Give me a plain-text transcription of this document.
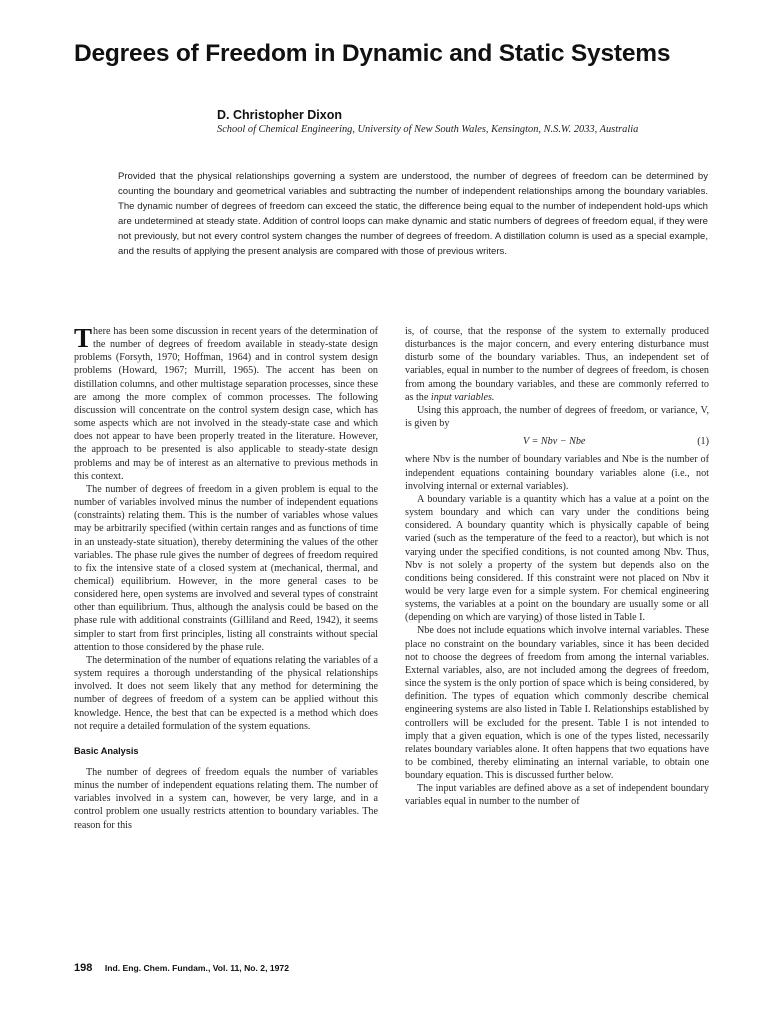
Degrees of Freedom in Dynamic and Static Systems
D. Christopher Dixon
School of Chemical Engineering, University of New South Wales, Kensington, N.S.W. 2033, Australia
Provided that the physical relationships governing a system are understood, the number of degrees of freedom can be determined by counting the boundary and geometrical variables and subtracting the number of independent relationships among the boundary variables. The dynamic number of degrees of freedom can exceed the static, the difference being equal to the number of independent hold-ups which are undetermined at steady state. Addition of control loops can make dynamic and static numbers of degrees of freedom equal, if they were not previously, but not every control system changes the number of degrees of freedom. A distillation column is used as a special example, and the results of applying the present analysis are compared with those of previous writers.

There has been some discussion in recent years of the determination of the number of degrees of freedom available in steady-state design problems (Forsyth, 1970; Hoffman, 1964) and in control system design problems (Howard, 1967; Murrill, 1965). The accent has been on distillation columns, and other multistage separation processes, since these are among the more complex of common processes. The following discussion will concentrate on the control system design case, which has some aspects which are not involved in the steady-state case and which does not appear to have been properly treated in the literature. However, the approach to be presented is also applicable to steady-state design problems and may be of interest as an alternative to previous methods in this context.

The number of degrees of freedom in a given problem is equal to the number of variables involved minus the number of independent equations (constraints) relating them. This is the number of variables whose values may be arbitrarily specified (within certain ranges and as functions of time in an unsteady-state situation), thereby determining the values of the other variables. The phase rule gives the number of degrees of freedom required to fix the intensive state of a closed system at (mechanical, thermal, and chemical) equilibrium. However, in the more general cases to be considered here, open systems are involved and several types of constraint other than equilibrium. Thus, although the analysis could be based on the phase rule with additional constraints (Gilliland and Reed, 1942), it seems simpler to start from first principles, listing all constraints without special attention to those considered by the phase rule.

The determination of the number of equations relating the variables of a system requires a thorough understanding of the physical relationships involved. It does not seem likely that any method for determining the number of degrees of freedom of a system can be applied without this knowledge. Hence, the best that can be expected is a method which does not require a detailed formulation of the system equations.

Basic Analysis

The number of degrees of freedom equals the number of variables minus the number of independent equations relating them. The number of variables involved in a system can, however, be very large, and in a control problem one usually restricts attention to boundary variables. The reason for this

is, of course, that the response of the system to externally produced disturbances is the major concern, and every entering disturbance must disturb some of the boundary variables. Thus, an independent set of variables, equal in number to the number of degrees of freedom, is chosen from among the boundary variables, and these are commonly referred to as the input variables.

Using this approach, the number of degrees of freedom, or variance, V, is given by

V = Nbv − Nbe	(1)

where Nbv is the number of boundary variables and Nbe is the number of independent equations containing boundary variables alone (i.e., not involving internal or external variables).

A boundary variable is a quantity which has a value at a point on the system boundary and which can vary under the conditions being considered. A boundary quantity which is physically capable of being varied (such as the temperature of the feed to a reactor), but which is not varying under the specified conditions, is not counted among Nbv. Thus, Nbv is not solely a property of the system but depends also on the conditions being considered. If this constraint were not placed on Nbv it would be very large even for a simple system. For chemical engineering systems, the variables at a point on the boundary are usually some or all (depending on which are varying) of those listed in Table I.

Nbe does not include equations which involve internal variables. These place no constraint on the boundary variables, since it has been decided not to choose the degrees of freedom from among the internal variables. External variables, also, are not included among the degrees of freedom, since the system is the only portion of space which is being considered, by definition. The types of equation which commonly describe chemical engineering systems are also listed in Table I. Relationships established by controllers will be excluded for the present. Table I is not intended to imply that a given equation, which is one of the types listed, necessarily relates boundary variables alone. It often happens that two equations have to be combined, thereby eliminating an internal variable, to obtain one boundary equation. This is discussed further below.

The input variables are defined above as a set of independent boundary variables equal in number to the number of

198 Ind. Eng. Chem. Fundam., Vol. 11, No. 2, 1972
